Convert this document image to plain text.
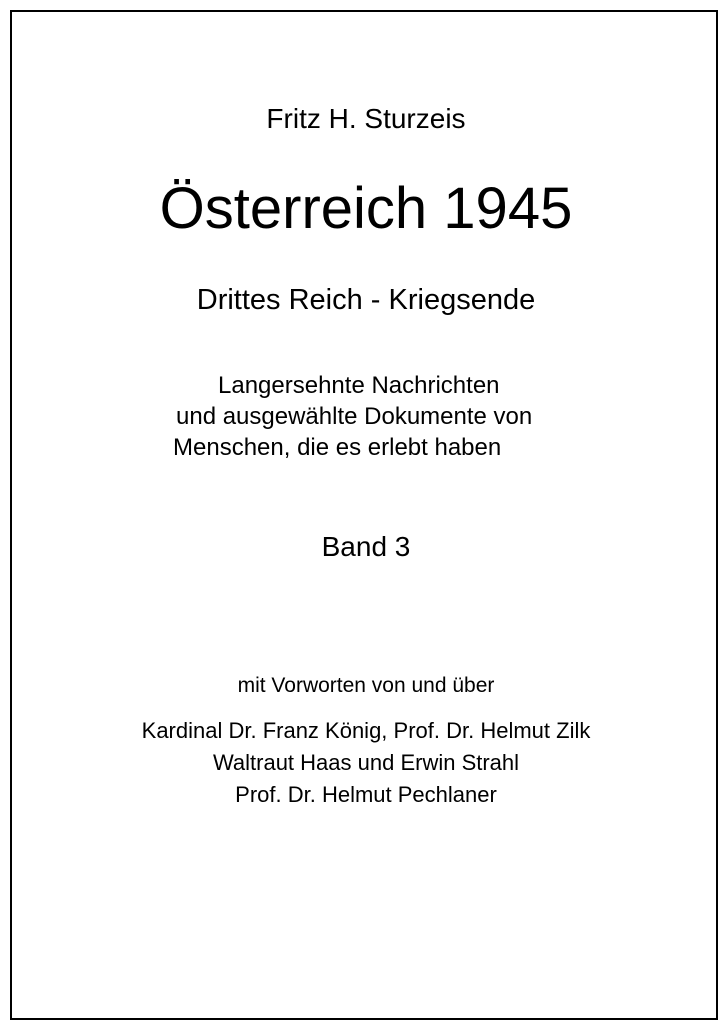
Fritz H. Sturzeis
Österreich 1945
Drittes Reich - Kriegsende
Langersehnte Nachrichten
und ausgewählte Dokumente von
Menschen, die es erlebt haben
Band 3
mit Vorworten von und über
Kardinal Dr. Franz König, Prof. Dr. Helmut Zilk
Waltraut Haas und Erwin Strahl
Prof. Dr. Helmut Pechlaner
